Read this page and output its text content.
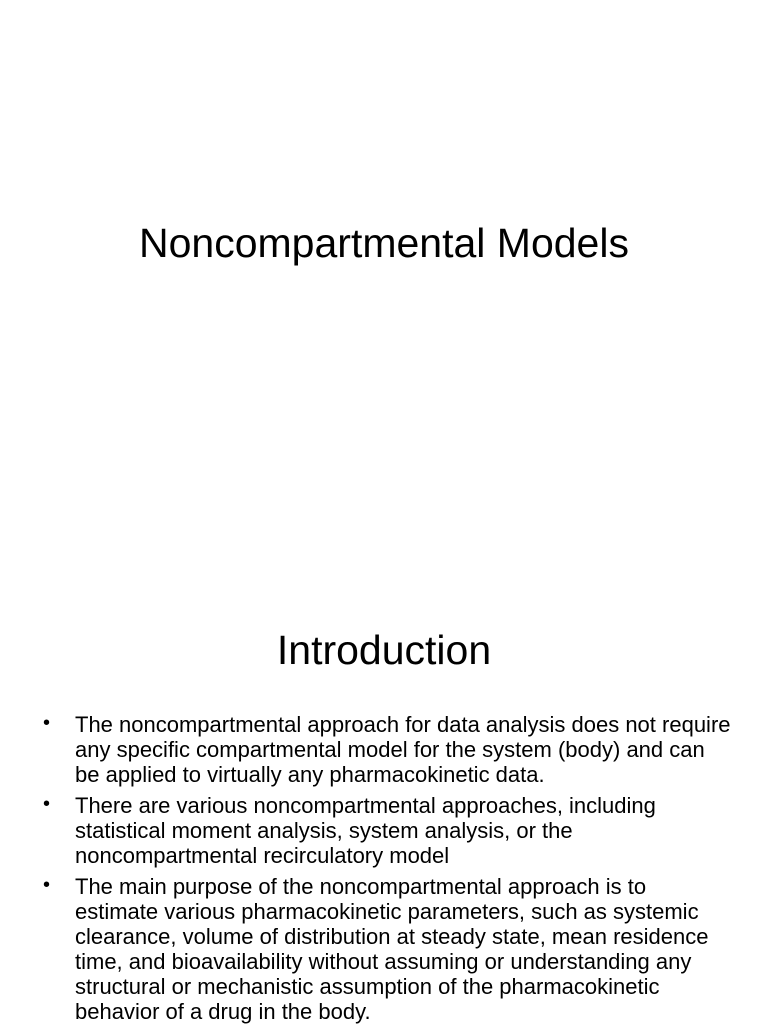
Noncompartmental Models
Introduction
• The noncompartmental approach for data analysis does not require any specific compartmental model for the system (body) and can be applied to virtually any pharmacokinetic data.
• There are various noncompartmental approaches, including statistical moment analysis, system analysis, or the noncompartmental recirculatory model
• The main purpose of the noncompartmental approach is to estimate various pharmacokinetic parameters, such as systemic clearance, volume of distribution at steady state, mean residence time, and bioavailability without assuming or understanding any structural or mechanistic assumption of the pharmacokinetic behavior of a drug in the body.
